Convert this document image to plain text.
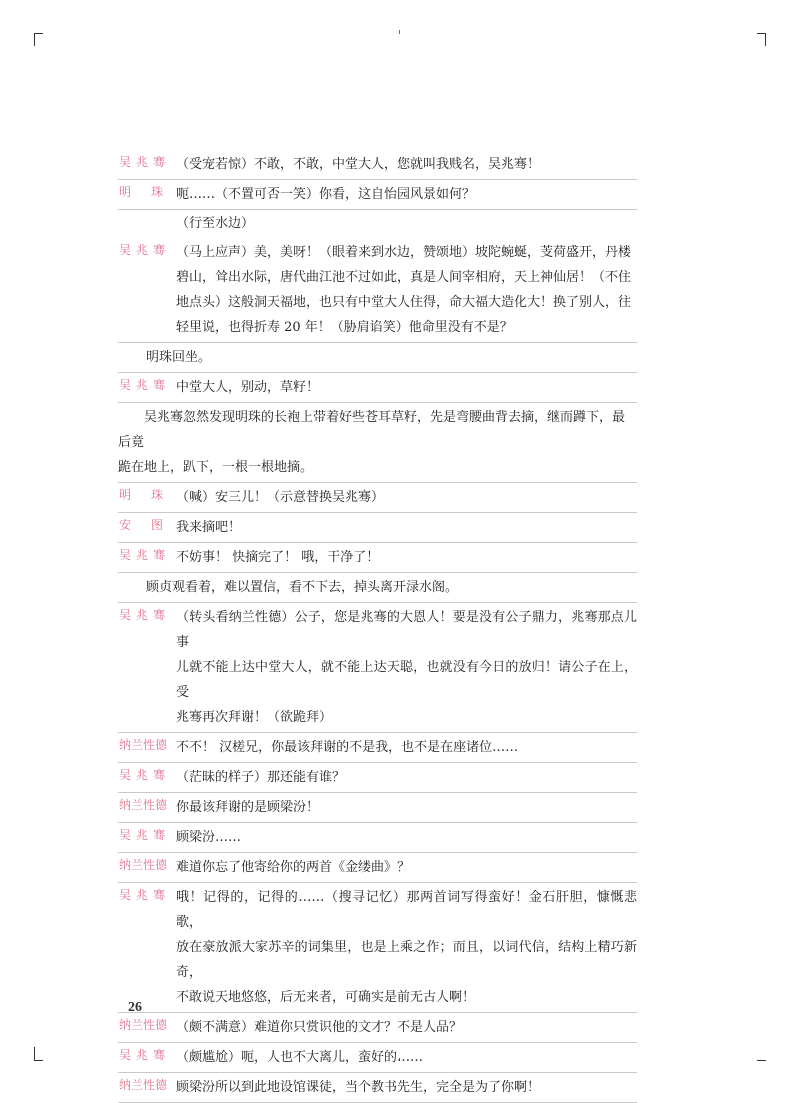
吴兆骞 （受宠若惊）不敢，不敢，中堂大人，您就叫我贱名，吴兆骞！
明珠
呃……（不置可否一笑）你看，这自怡园风景如何？
（行至水边）
吴兆骞 （马上应声）美，美呀！（眼着来到水边，赞颂地）坡陀蜿蜒，芰荷盛开，丹楼
碧山，耸出水际，唐代曲江池不过如此，真是人间宰相府，天上神仙居！（不住
地点头）这般洞天福地，也只有中堂大人住得，命大福大造化大！换了别人，往
轻里说，也得折寿 20 年！（胁肩谄笑）他命里没有不是？
明珠回坐。
吴兆骞 中堂大人，别动，草籽！
吴兆骞忽然发现明珠的长袍上带着好些苍耳草籽，先是弯腰曲背去摘，继而蹲下，最后竟
跪在地上，趴下，一根一根地摘。
明珠
（喊）安三儿！（示意替换吴兆骞）
安图
我来摘吧！
吴兆骞 不妨事！ 快摘完了！ 哦，干净了！
顾贞观看着，难以置信，看不下去，掉头离开渌水阁。
吴兆骞 （转头看纳兰性德）公子，您是兆骞的大恩人！要是没有公子鼎力，兆骞那点儿事
儿就不能上达中堂大人，就不能上达天聪，也就没有今日的放归！请公子在上，受
兆骞再次拜谢！（欲跪拜）
纳兰性德 不不！ 汉槎兄，你最该拜谢的不是我，也不是在座诸位……
吴兆骞 （茫昧的样子）那还能有谁？
纳兰性德 你最该拜谢的是顾梁汾！
吴兆骞 顾梁汾……
纳兰性德 难道你忘了他寄给你的两首《金缕曲》？
吴兆骞 哦！记得的，记得的……（搜寻记忆）那两首词写得蛮好！金石肝胆，慷慨悲歌，
放在豪放派大家苏辛的词集里，也是上乘之作；而且，以词代信，结构上精巧新奇，
不敢说天地悠悠，后无来者，可确实是前无古人啊！
纳兰性德 （颇不满意）难道你只赏识他的文才？不是人品？
吴兆骞 （颇尴尬）呃，人也不大离儿，蛮好的……
纳兰性德 顾梁汾所以到此地设馆课徒，当个教书先生，完全是为了你啊！
26
